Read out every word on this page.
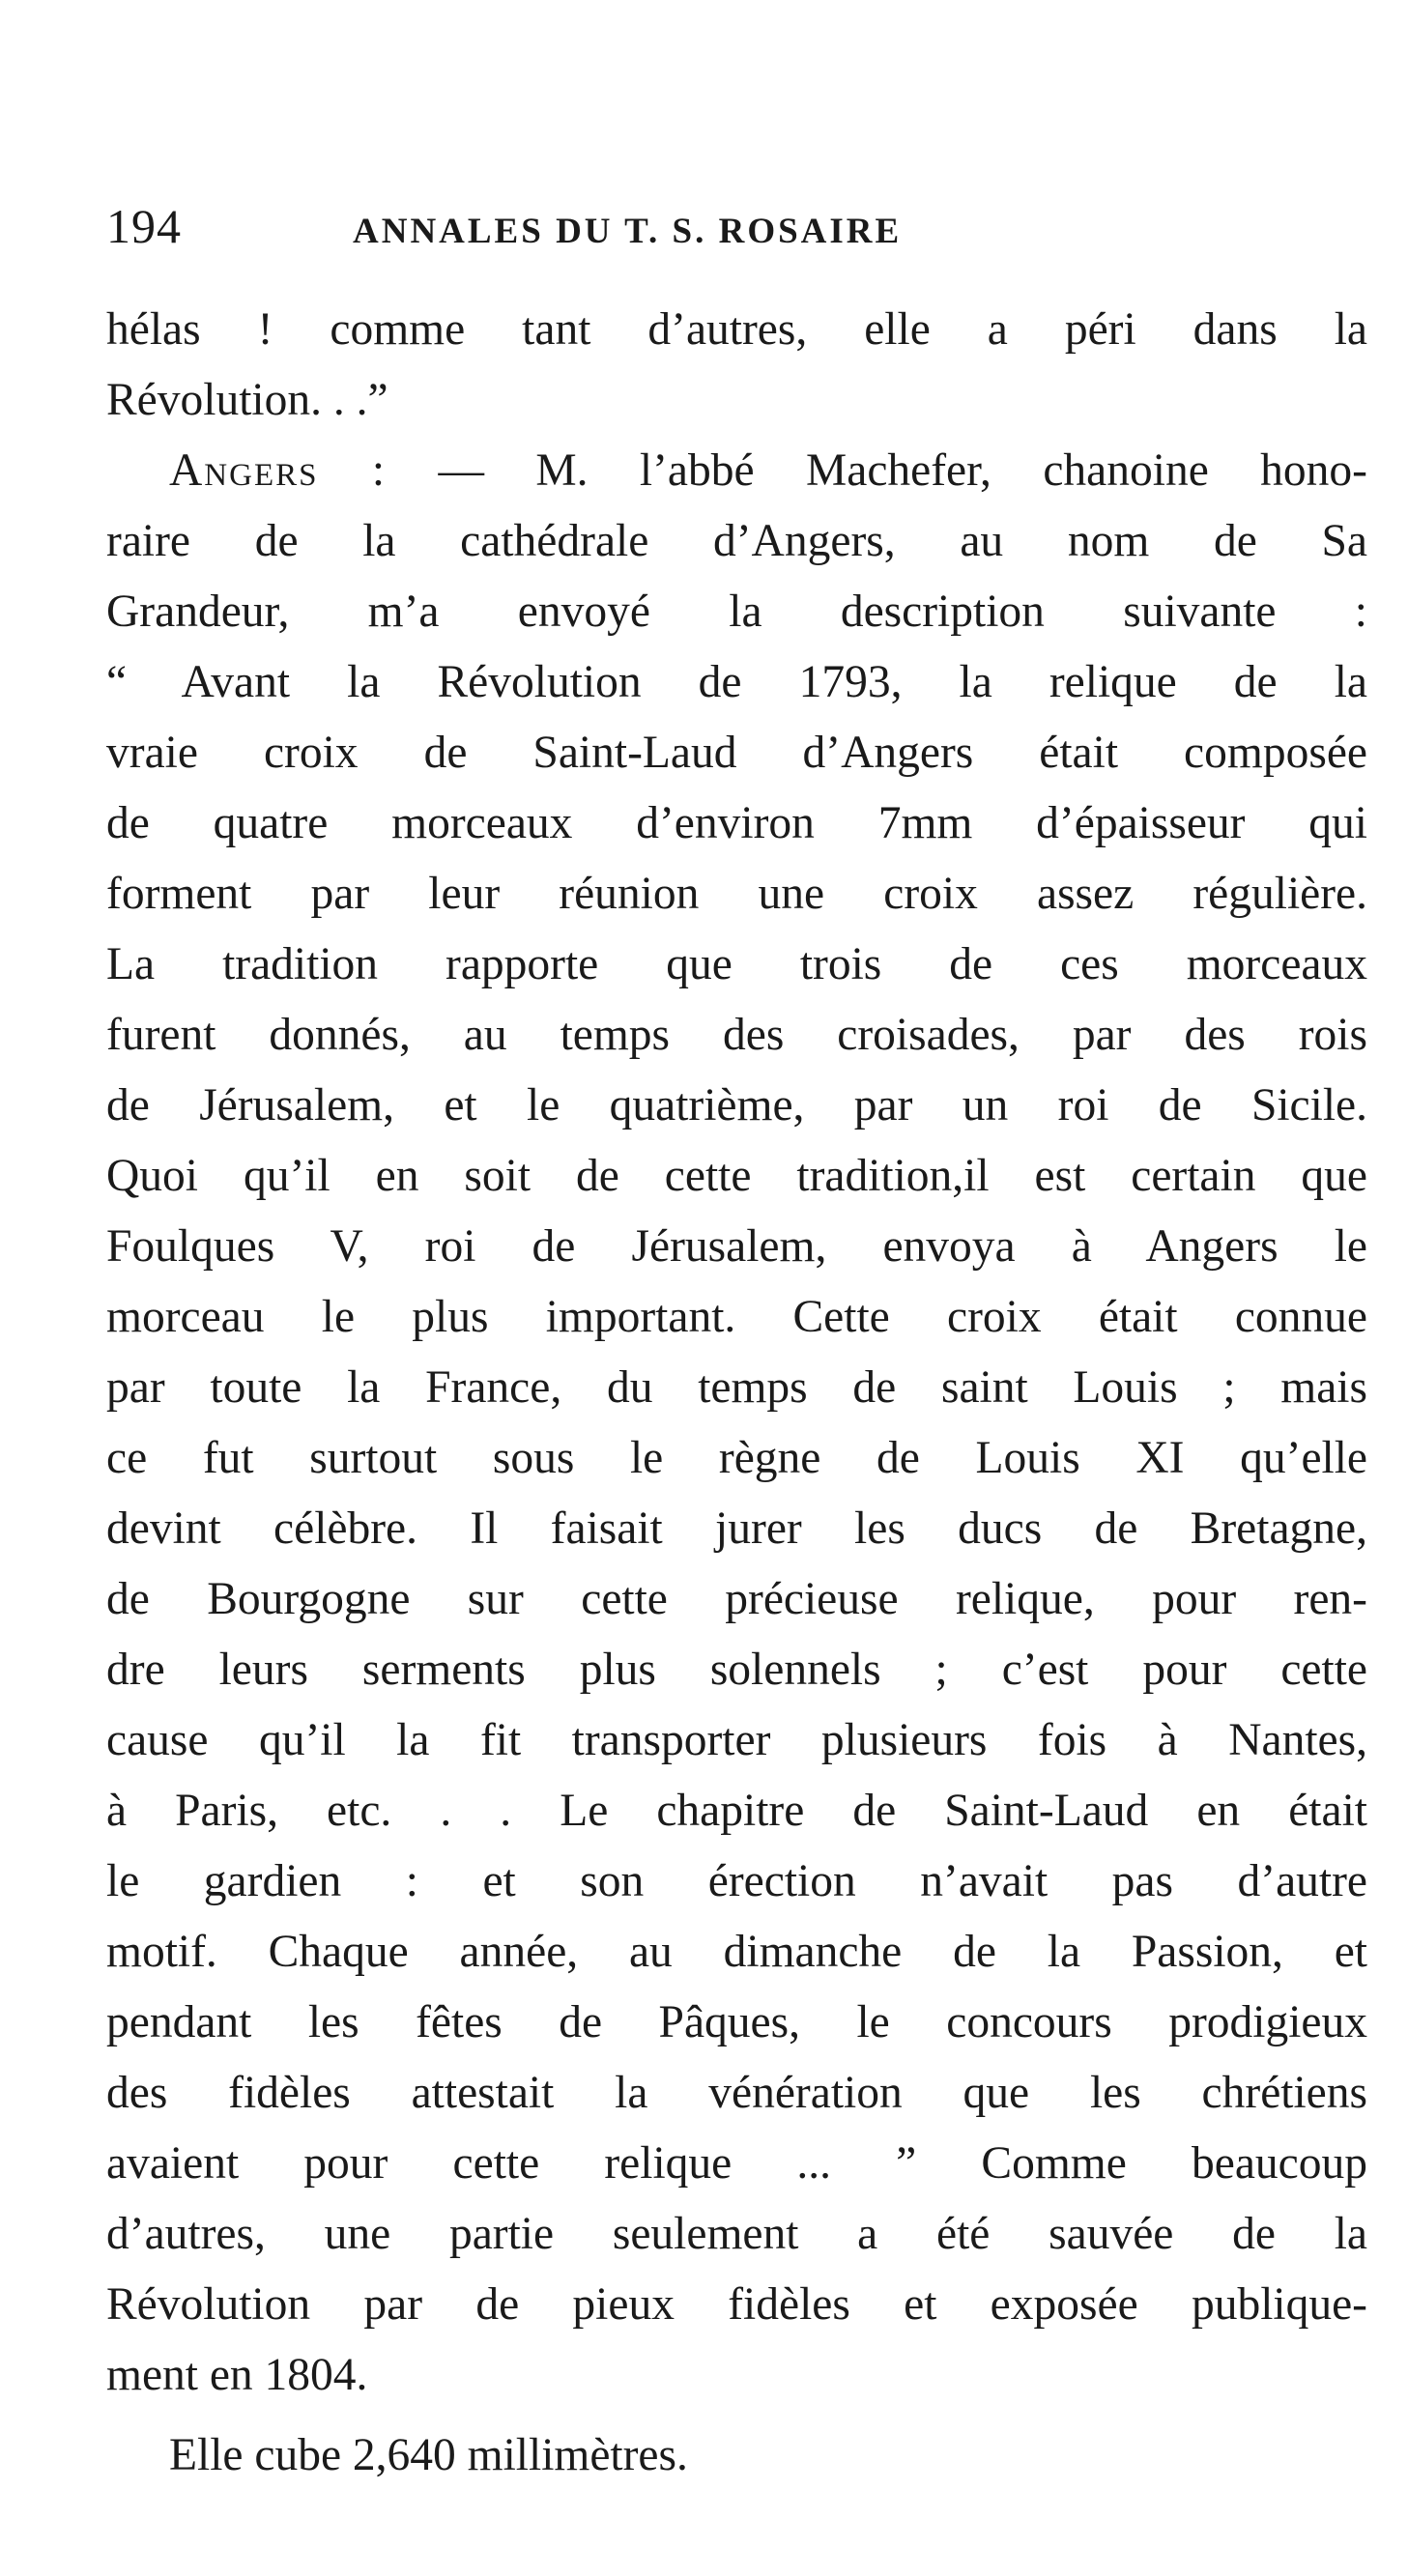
194	ANNALES DU T. S. ROSAIRE
hélas ! comme tant d’autres, elle a péri dans la
Révolution. . .”
Angers : — M. l’abbé Machefer, chanoine hono-
raire de la cathédrale d’Angers, au nom de Sa
Grandeur, m’a envoyé la description suivante :
“ Avant la Révolution de 1793, la relique de la
vraie croix de Saint-Laud d’Angers était composée
de quatre morceaux d’environ 7mm d’épaisseur qui
forment par leur réunion une croix assez régulière.
La tradition rapporte que trois de ces morceaux
furent donnés, au temps des croisades, par des rois
de Jérusalem, et le quatrième, par un roi de Sicile.
Quoi qu’il en soit de cette tradition,il est certain que
Foulques V, roi de Jérusalem, envoya à Angers le
morceau le plus important. Cette croix était connue
par toute la France, du temps de saint Louis ; mais
ce fut surtout sous le règne de Louis XI qu’elle
devint célèbre. Il faisait jurer les ducs de Bretagne,
de Bourgogne sur cette précieuse relique, pour ren-
dre leurs serments plus solennels ; c’est pour cette
cause qu’il la fit transporter plusieurs fois à Nantes,
à Paris, etc. . . Le chapitre de Saint-Laud en était
le gardien : et son érection n’avait pas d’autre
motif. Chaque année, au dimanche de la Passion, et
pendant les fêtes de Pâques, le concours prodigieux
des fidèles attestait la vénération que les chrétiens
avaient pour cette relique ... ” Comme beaucoup
d’autres, une partie seulement a été sauvée de la
Révolution par de pieux fidèles et exposée publique-
ment en 1804.
Elle cube 2,640 millimètres.
